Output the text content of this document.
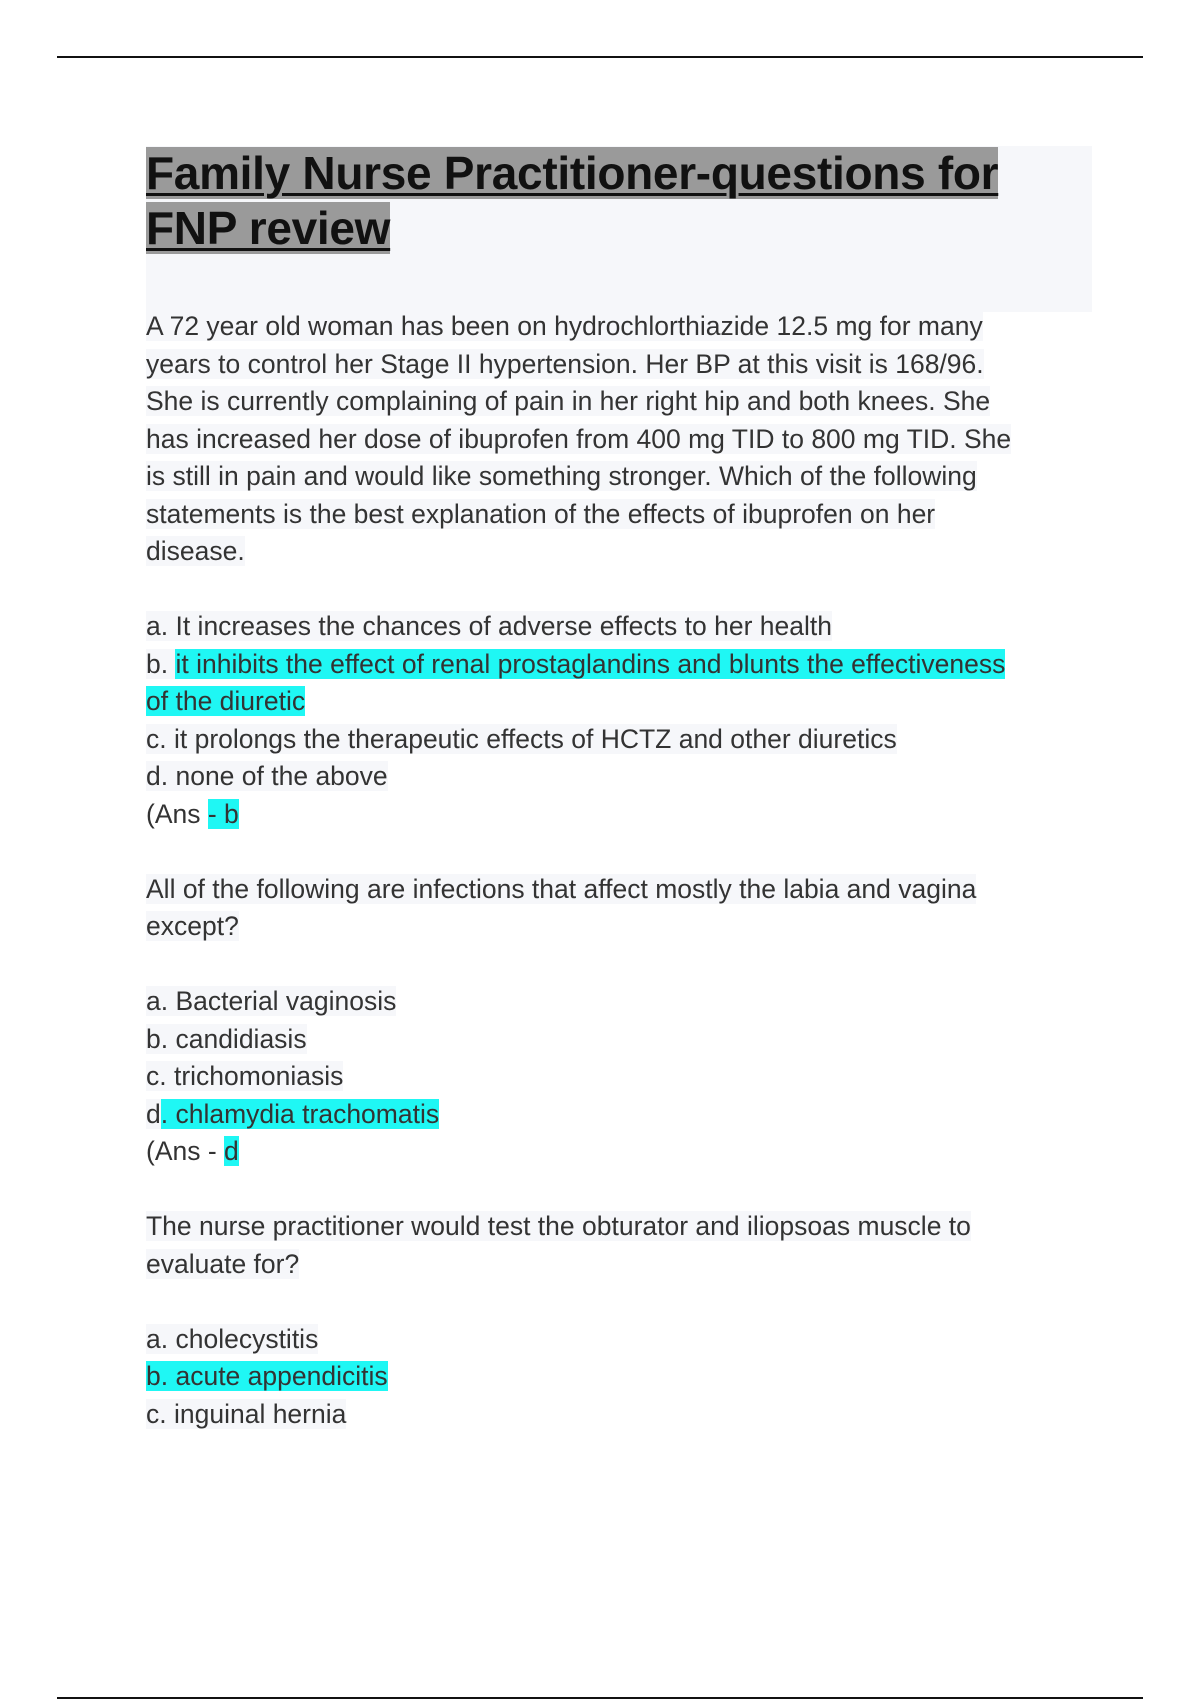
Family Nurse Practitioner-questions for
FNP review

A 72 year old woman has been on hydrochlorthiazide 12.5 mg for many
years to control her Stage II hypertension. Her BP at this visit is 168/96.
She is currently complaining of pain in her right hip and both knees. She
has increased her dose of ibuprofen from 400 mg TID to 800 mg TID. She
is still in pain and would like something stronger. Which of the following
statements is the best explanation of the effects of ibuprofen on her
disease.

a. It increases the chances of adverse effects to her health
b. it inhibits the effect of renal prostaglandins and blunts the effectiveness
of the diuretic
c. it prolongs the therapeutic effects of HCTZ and other diuretics
d. none of the above
(Ans - b

All of the following are infections that affect mostly the labia and vagina
except?

a. Bacterial vaginosis
b. candidiasis
c. trichomoniasis
d. chlamydia trachomatis
(Ans - d

The nurse practitioner would test the obturator and iliopsoas muscle to
evaluate for?

a. cholecystitis
b. acute appendicitis
c. inguinal hernia
